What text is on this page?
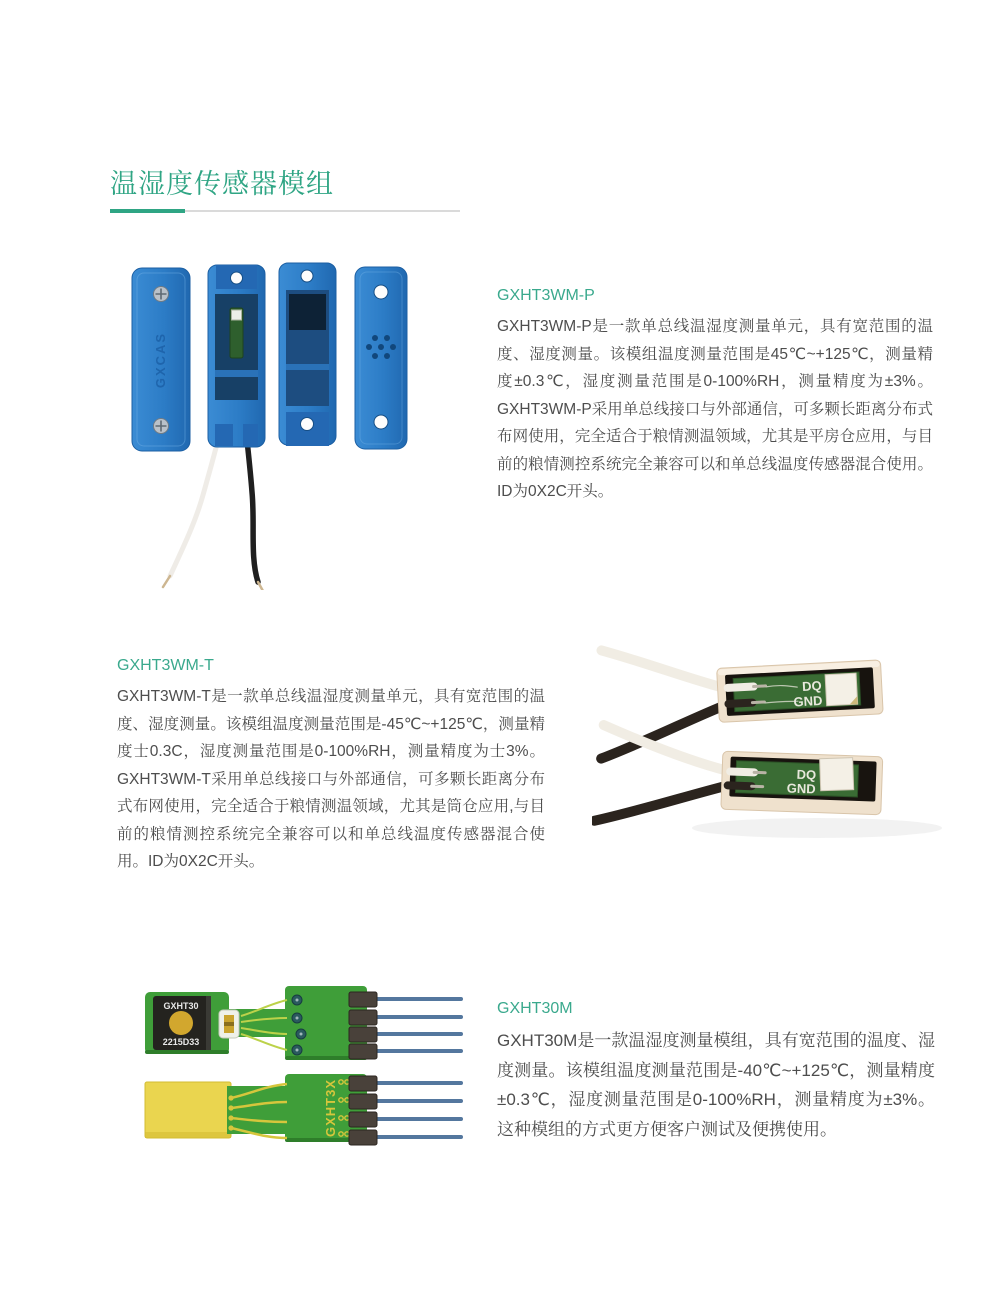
温湿度传感器模组
GXCAS
GXHT3WM-P

GXHT3WM-P是一款单总线温湿度测量单元，具有宽范围的温度、湿度测量。该模组温度测量范围是45℃~+125℃，测量精度±0.3℃，湿度测量范围是0-100%RH，测量精度为±3%。GXHT3WM-P采用单总线接口与外部通信，可多颗长距离分布式布网使用，完全适合于粮情测温领域，尤其是平房仓应用，与目前的粮情测控系统完全兼容可以和单总线温度传感器混合使用。ID为0X2C开头。

GXHT3WM-T

GXHT3WM-T是一款单总线温湿度测量单元，具有宽范围的温度、湿度测量。该模组温度测量范围是-45℃~+125℃，测量精度士0.3C，湿度测量范围是0-100%RH，测量精度为士3%。GXHT3WM-T采用单总线接口与外部通信，可多颗长距离分布式布网使用，完全适合于粮情测温领域，尤其是筒仓应用,与目前的粮情测控系统完全兼容可以和单总线温度传感器混合使用。ID为0X2C开头。

DQ
GND
DQ
GND
GXHT30
2215D33
GXHT3X
GXHT30M

GXHT30M是一款温湿度测量模组，具有宽范围的温度、湿度测量。该模组温度测量范围是-40℃~+125℃，测量精度±0.3℃，湿度测量范围是0-100%RH，测量精度为±3%。这种模组的方式更方便客户测试及便携使用。
